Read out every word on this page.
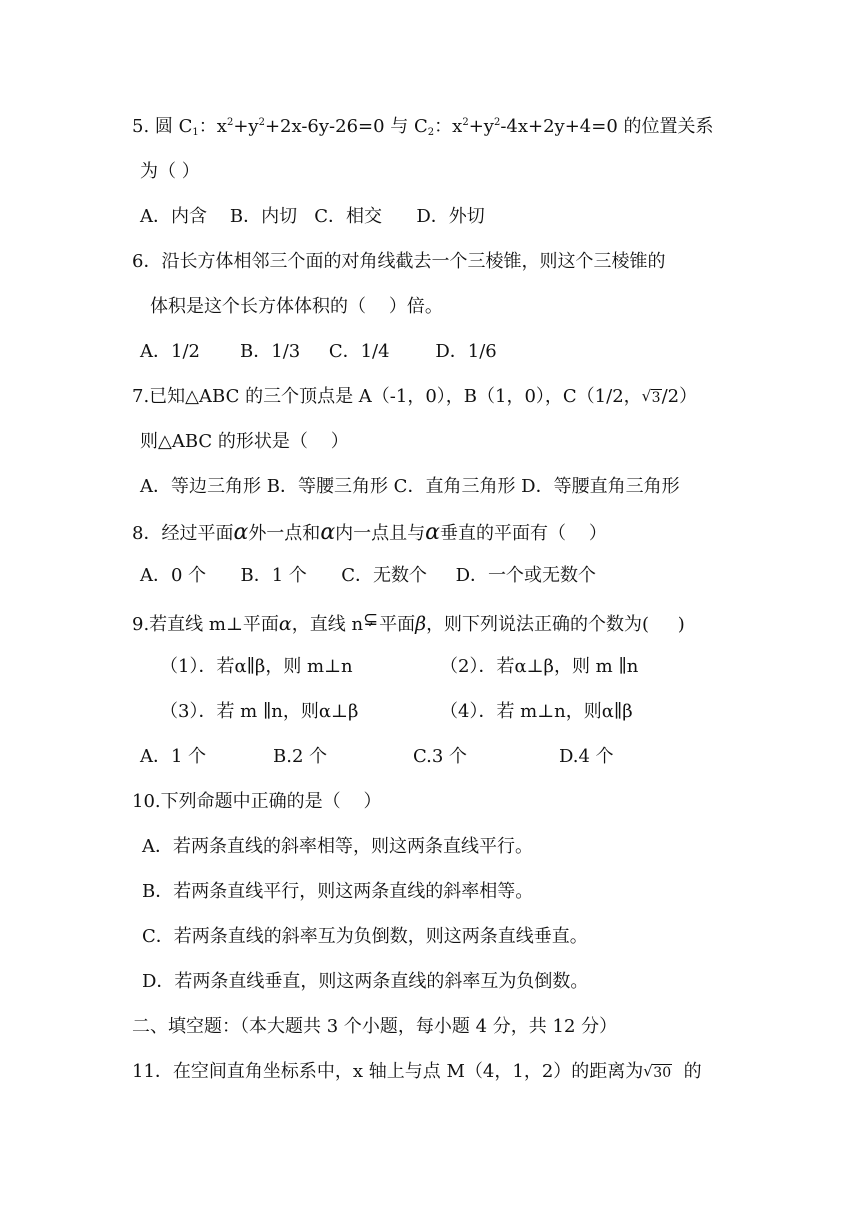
5. 圆 $C_1$：$x^2+y^2+2x-6y-26=0$ 与 $C_2$：$x^2+y^2-4x+2y+4=0$ 的位置关系
为（ ）
A．内含    B．内切   C．相交      D．外切
6．沿长方体相邻三个面的对角线截去一个三棱锥，则这个三棱锥的
体积是这个长方体体积的（    ）倍。
A．1/2       B．1/3     C．1/4        D．1/6
7.已知△ABC 的三个顶点是 A（-1，0），B（1，0），C（1/2， √ 3/2）
则△ABC 的形状是（    ）
A．等边三角形 B．等腰三角形 C．直角三角形 D．等腰直角三角形
8．经过平面α外一点和α内一点且与α垂直的平面有（    ）
A．0 个      B．1 个      C．无数个     D．一个或无数个
9.若直线 m⊥平面α，直线 n ⊊ 平面β，则下列说法正确的个数为(     )
（1）．若α∥β，则 m⊥n	（2）．若α⊥β，则 m ∥n
（3）．若 m ∥n，则α⊥β	（4）．若 m⊥n，则α∥β
A．1 个	B.2 个	C.3 个	D.4 个
10.下列命题中正确的是（    ）
A．若两条直线的斜率相等，则这两条直线平行。
B．若两条直线平行，则这两条直线的斜率相等。
C．若两条直线的斜率互为负倒数，则这两条直线垂直。
D．若两条直线垂直，则这两条直线的斜率互为负倒数。
二、填空题：（本大题共 3 个小题，每小题 4 分，共 12 分）
11．在空间直角坐标系中，x 轴上与点 M（4，1，2）的距离为 √ 30  的
